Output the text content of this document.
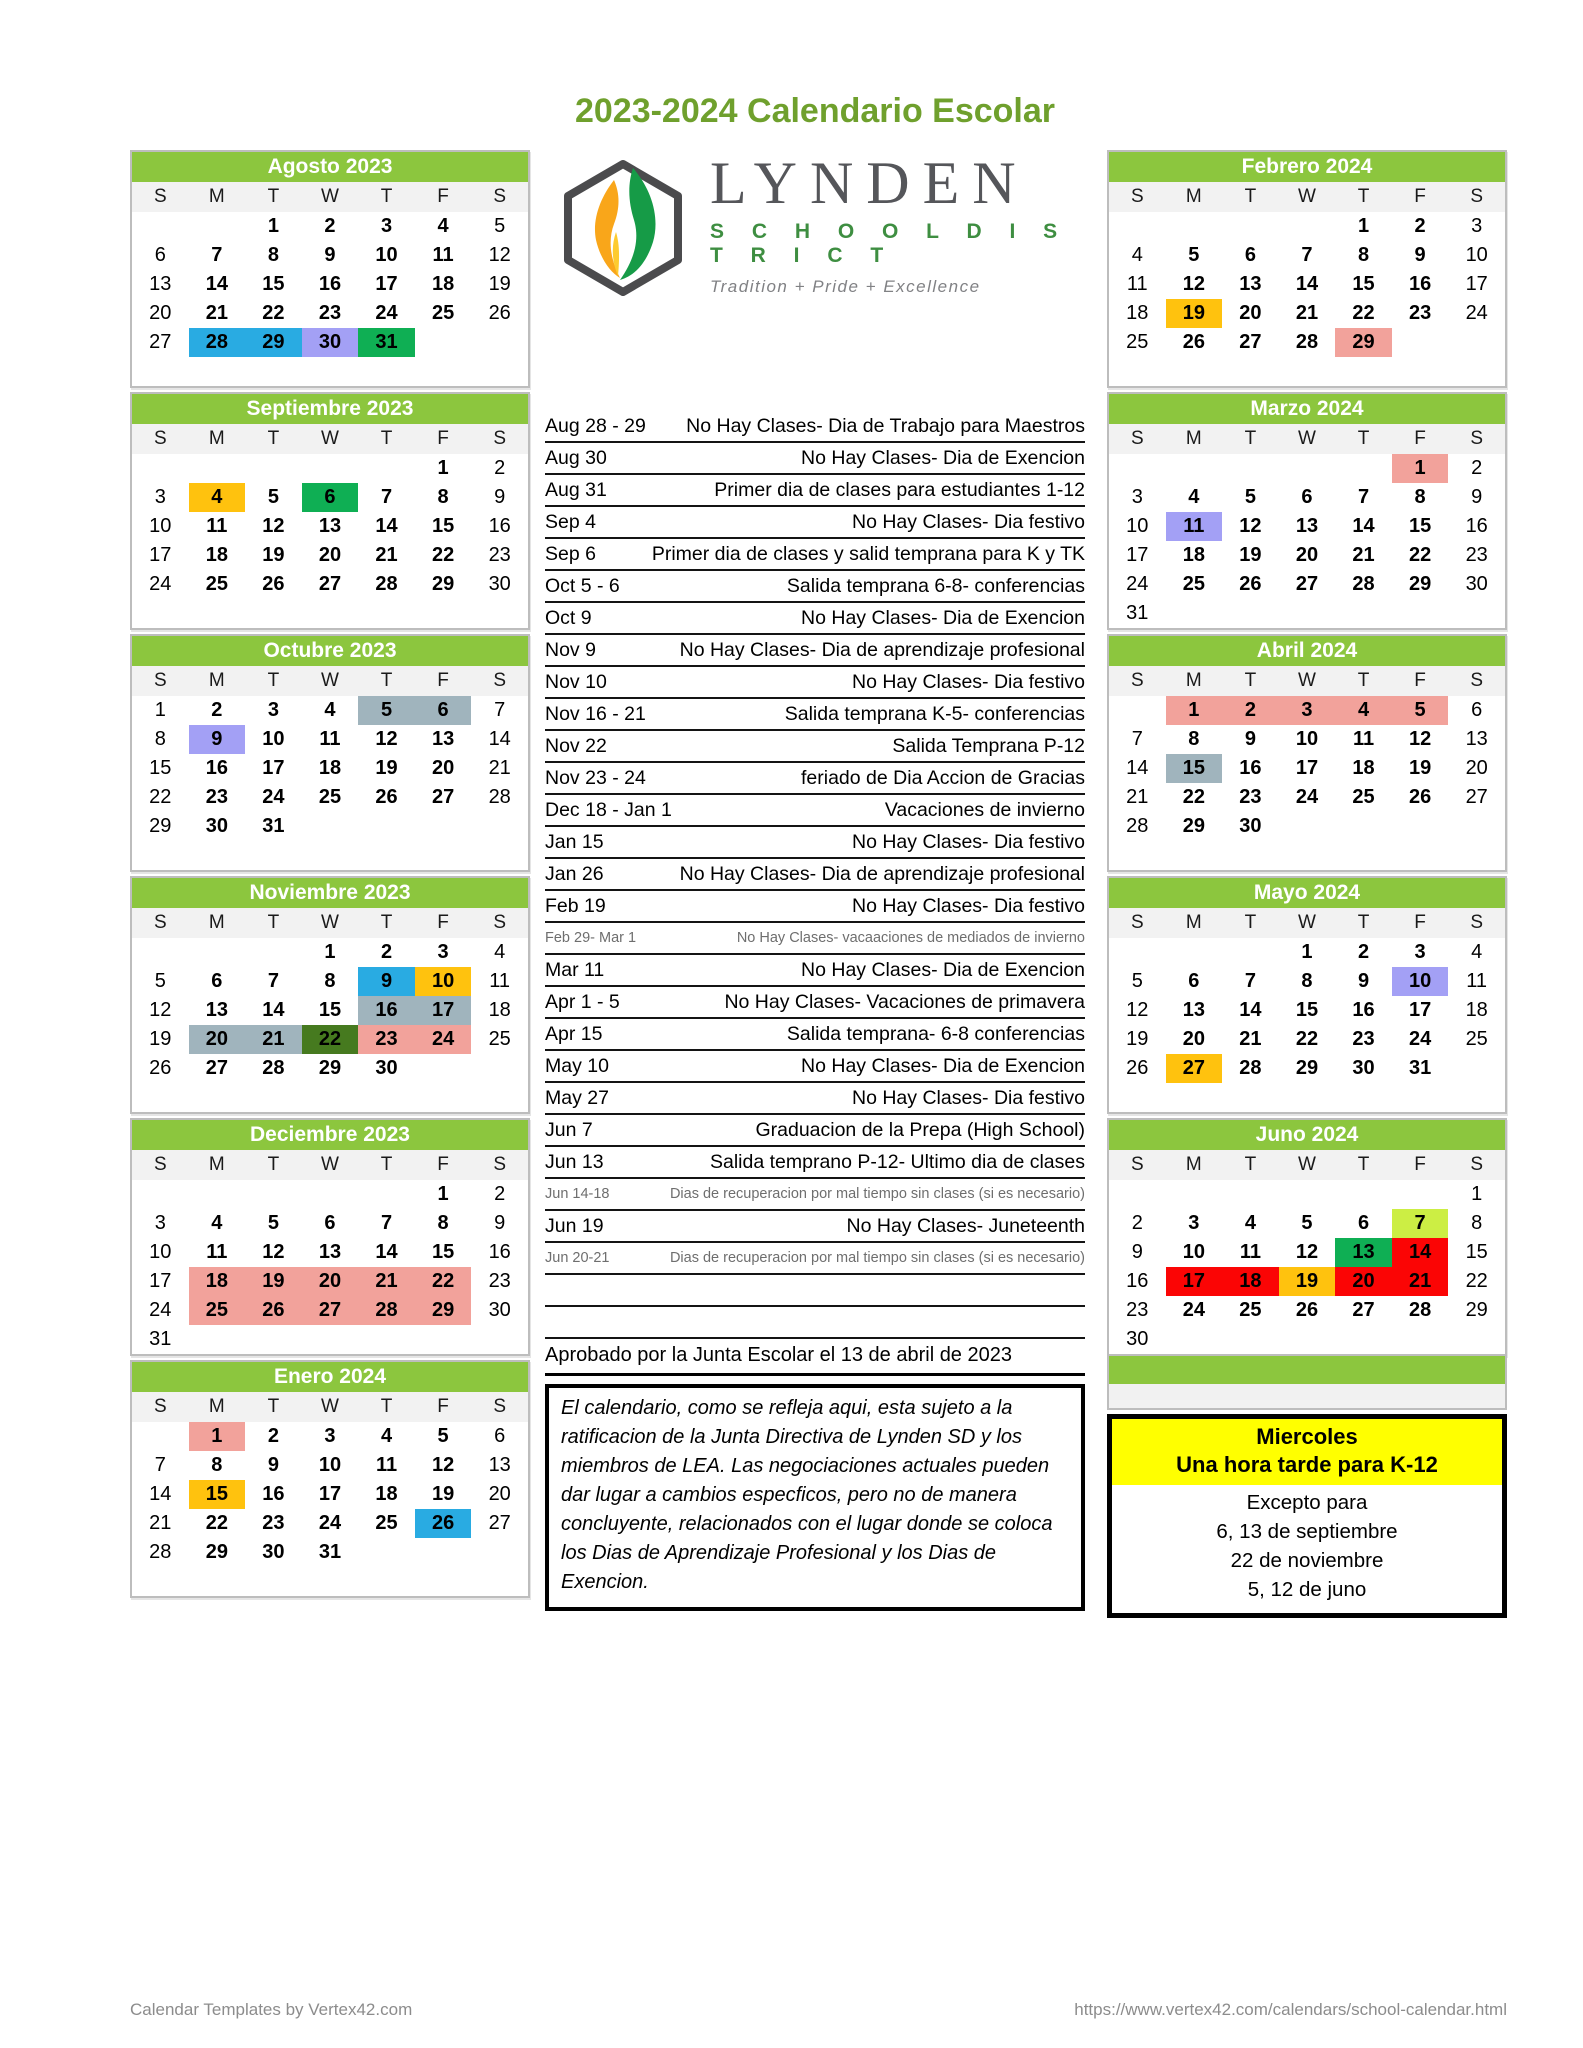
2023-2024 Calendario Escolar
LYNDEN
S C H O O L D I S T R I C T
Tradition + Pride + Excellence
Agosto 2023
S	M	T	W	T	F	S
		1	2	3	4	5
6	7	8	9	10	11	12
13	14	15	16	17	18	19
20	21	22	23	24	25	26
27	28	29	30	31		

Septiembre 2023
S	M	T	W	T	F	S
					1	2
3	4	5	6	7	8	9
10	11	12	13	14	15	16
17	18	19	20	21	22	23
24	25	26	27	28	29	30

Octubre 2023
S	M	T	W	T	F	S
1	2	3	4	5	6	7
8	9	10	11	12	13	14
15	16	17	18	19	20	21
22	23	24	25	26	27	28
29	30	31				

Noviembre 2023
S	M	T	W	T	F	S
			1	2	3	4
5	6	7	8	9	10	11
12	13	14	15	16	17	18
19	20	21	22	23	24	25
26	27	28	29	30		

Deciembre 2023
S	M	T	W	T	F	S
					1	2
3	4	5	6	7	8	9
10	11	12	13	14	15	16
17	18	19	20	21	22	23
24	25	26	27	28	29	30
31						
Enero 2024
S	M	T	W	T	F	S
	1	2	3	4	5	6
7	8	9	10	11	12	13
14	15	16	17	18	19	20
21	22	23	24	25	26	27
28	29	30	31			

Febrero 2024
S	M	T	W	T	F	S
				1	2	3
4	5	6	7	8	9	10
11	12	13	14	15	16	17
18	19	20	21	22	23	24
25	26	27	28	29		

Marzo 2024
S	M	T	W	T	F	S
					1	2
3	4	5	6	7	8	9
10	11	12	13	14	15	16
17	18	19	20	21	22	23
24	25	26	27	28	29	30
31						
Abril 2024
S	M	T	W	T	F	S
	1	2	3	4	5	6
7	8	9	10	11	12	13
14	15	16	17	18	19	20
21	22	23	24	25	26	27
28	29	30				

Mayo 2024
S	M	T	W	T	F	S
			1	2	3	4
5	6	7	8	9	10	11
12	13	14	15	16	17	18
19	20	21	22	23	24	25
26	27	28	29	30	31	

Juno 2024
S	M	T	W	T	F	S
						1
2	3	4	5	6	7	8
9	10	11	12	13	14	15
16	17	18	19	20	21	22
23	24	25	26	27	28	29
30						
Aug 28 - 29	No Hay Clases- Dia de Trabajo para Maestros
Aug 30	No Hay Clases- Dia de Exencion
Aug 31	Primer dia de clases para estudiantes 1-12
Sep 4	No Hay Clases- Dia festivo
Sep 6	Primer dia de clases y salid temprana para K y TK
Oct 5 - 6	Salida temprana 6-8- conferencias
Oct 9	No Hay Clases- Dia de Exencion
Nov 9	No Hay Clases- Dia de aprendizaje profesional
Nov 10	No Hay Clases- Dia festivo
Nov 16 - 21	Salida temprana K-5- conferencias
Nov 22	Salida Temprana P-12
Nov 23 - 24	feriado de Dia Accion de Gracias
Dec 18 - Jan 1	Vacaciones de invierno
Jan 15	No Hay Clases- Dia festivo
Jan 26	No Hay Clases- Dia de aprendizaje profesional
Feb 19	No Hay Clases- Dia festivo
Feb 29- Mar 1	No Hay Clases- vacaaciones de mediados de invierno
Mar 11	No Hay Clases- Dia de Exencion
Apr 1 - 5	No Hay Clases- Vacaciones de primavera
Apr 15	Salida temprana- 6-8 conferencias
May 10	No Hay Clases- Dia de Exencion
May 27	No Hay Clases- Dia festivo
Jun 7	Graduacion de la Prepa (High School)
Jun 13	Salida temprano P-12- Ultimo dia de clases
Jun 14-18	Dias de recuperacion por mal tiempo sin clases (si es necesario)
Jun 19	No Hay Clases- Juneteenth
Jun 20-21	Dias de recuperacion por mal tiempo sin clases (si es necesario)
Aprobado por la Junta Escolar el 13 de abril de 2023
El calendario, como se refleja aqui, esta sujeto a la ratificacion de la Junta Directiva de Lynden SD y los miembros de LEA. Las negociaciones actuales pueden dar lugar a cambios especficos, pero no de manera concluyente, relacionados con el lugar donde se coloca los Dias de Aprendizaje Profesional y los Dias de Exencion.
Miercoles
Una hora tarde para K-12
Excepto para
6, 13 de septiembre
22 de noviembre
5, 12 de juno
Calendar Templates by Vertex42.com	https://www.vertex42.com/calendars/school-calendar.html
